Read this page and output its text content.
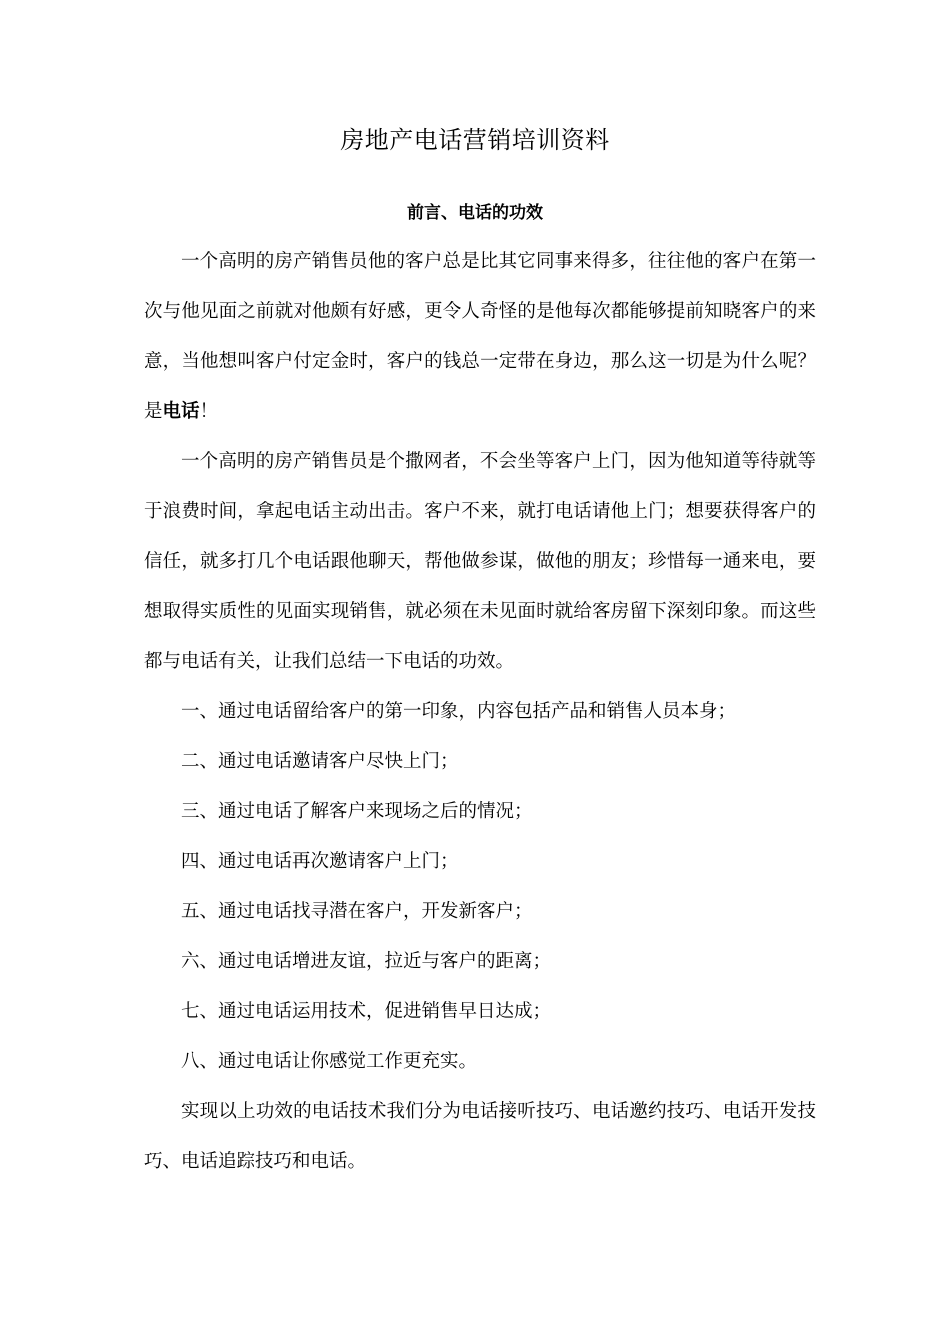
房地产电话营销培训资料
前言、电话的功效

一个高明的房产销售员他的客户总是比其它同事来得多，往往他的客户在第一次与他见面之前就对他颇有好感，更令人奇怪的是他每次都能够提前知晓客户的来意，当他想叫客户付定金时，客户的钱总一定带在身边，那么这一切是为什么呢？是电话！

一个高明的房产销售员是个撒网者，不会坐等客户上门，因为他知道等待就等于浪费时间，拿起电话主动出击。客户不来，就打电话请他上门；想要获得客户的信任，就多打几个电话跟他聊天，帮他做参谋，做他的朋友；珍惜每一通来电，要想取得实质性的见面实现销售，就必须在未见面时就给客房留下深刻印象。而这些都与电话有关，让我们总结一下电话的功效。

一、通过电话留给客户的第一印象，内容包括产品和销售人员本身；

二、通过电话邀请客户尽快上门；

三、通过电话了解客户来现场之后的情况；

四、通过电话再次邀请客户上门；

五、通过电话找寻潜在客户，开发新客户；

六、通过电话增进友谊，拉近与客户的距离；

七、通过电话运用技术，促进销售早日达成；

八、通过电话让你感觉工作更充实。

实现以上功效的电话技术我们分为电话接听技巧、电话邀约技巧、电话开发技巧、电话追踪技巧和电话。
